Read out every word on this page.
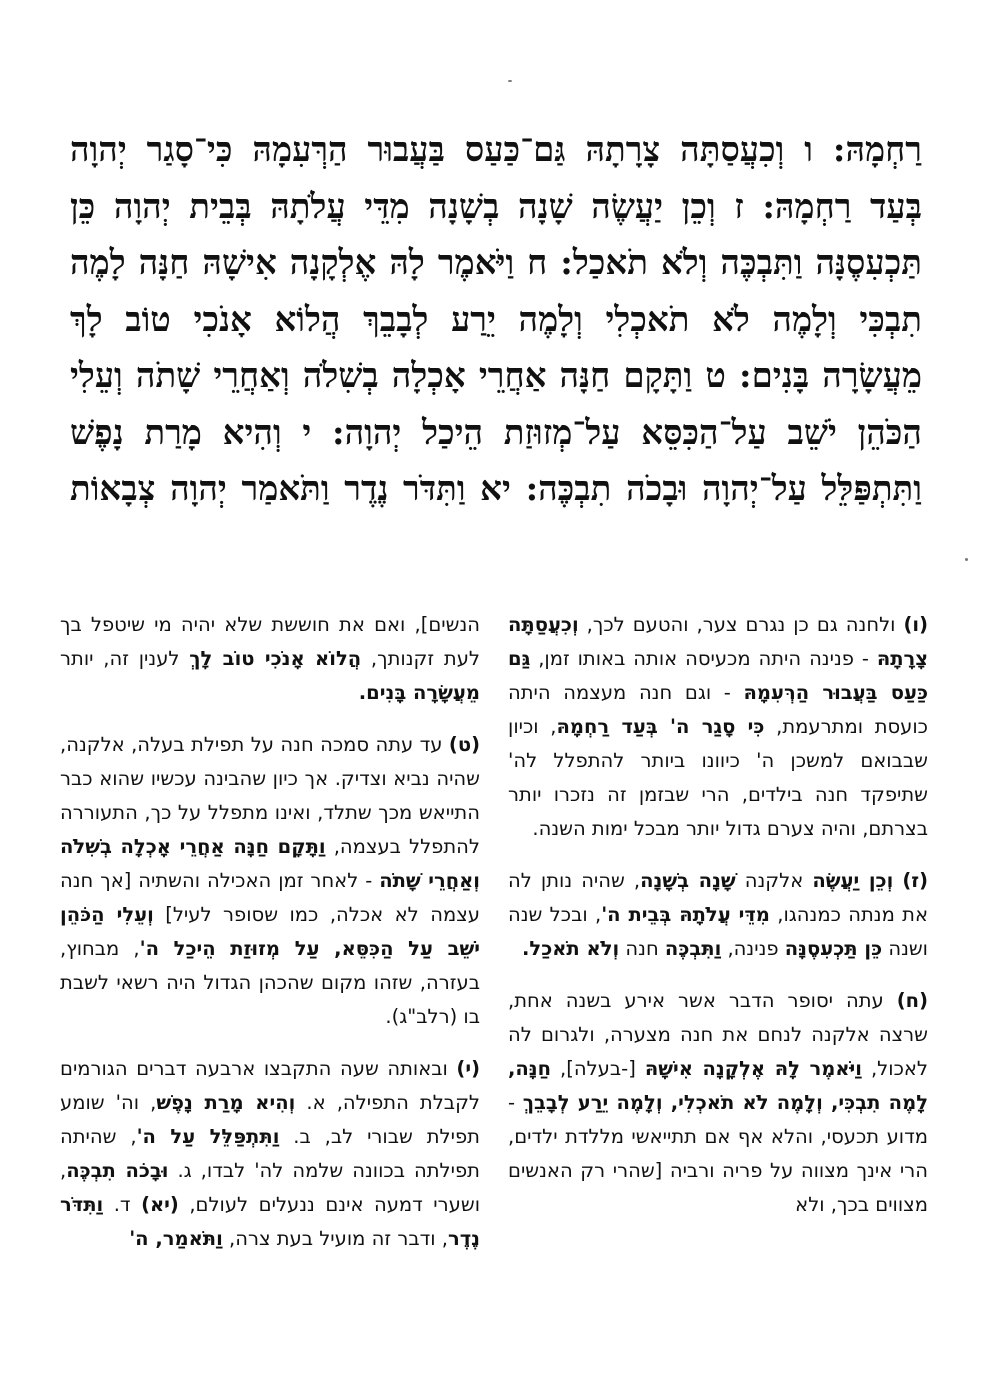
רַחְמָהּ: ו וְכִעֲסַתָּה צָרָתָהּ גַּם־כַּעַס בַּעֲבוּר הַרְּעִמָהּ כִּי־סָגַר יְהוָה
בְּעַד רַחְמָהּ: ז וְכֵן יַעֲשֶׂה שָׁנָה בְשָׁנָה מִדֵּי עֲלֹתָהּ בְּבֵית יְהוָה כֵּן
תַּכְעִסֶנָּה וַתִּבְכֶּה וְלֹא תֹאכַל: ח וַיֹּאמֶר לָהּ אֶלְקָנָה אִישָׁהּ חַנָּה לָמֶה
תִבְכִּי וְלָמֶה לֹא תֹאכְלִי וְלָמֶה יֵרַע לְבָבֵךְ הֲלוֹא אָנֹכִי טוֹב לָךְ
מֵעֲשָׂרָה בָּנִים: ט וַתָּקָם חַנָּה אַחֲרֵי אָכְלָה בְשִׁלֹה וְאַחֲרֵי שָׁתֹה וְעֵלִי
הַכֹּהֵן יֹשֵׁב עַל־הַכִּסֵּא עַל־מְזוּזַת הֵיכַל יְהוָה: י וְהִיא מָרַת נָפֶשׁ
וַתִּתְפַּלֵּל עַל־יְהוָה וּבָכֹה תִבְכֶּה: יא וַתִּדֹּר נֶדֶר וַתֹּאמַר יְהוָה צְבָאוֹת

(ו) ולחנה גם כן נגרם צער, והטעם לכך, וְכִעֲסַתָּה צָרָתָהּ - פנינה היתה מכעיסה אותה באותו זמן, גַּם כַּעַס בַּעֲבוּר הַרְּעִמָהּ - וגם חנה מעצמה היתה כועסת ומתרעמת, כִּי סָגַר ה' בְּעַד רַחְמָהּ, וכיון שבבואם למשכן ה' כיוונו ביותר להתפלל לה' שתיפקד חנה בילדים, הרי שבזמן זה נזכרו יותר בצרתם, והיה צערם גדול יותר מבכל ימות השנה.

(ז) וְכֵן יַעֲשֶׂה אלקנה שָׁנָה בְשָׁנָה, שהיה נותן לה את מנתה כמנהגו, מִדֵּי עֲלֹתָהּ בְּבֵית ה', ובכל שנה ושנה כֵּן תַּכְעִסֶנָּה פנינה, וַתִּבְכֶּה חנה וְלֹא תֹאכַל.

(ח) עתה יסופר הדבר אשר אירע בשנה אחת, שרצה אלקנה לנחם את חנה מצערה, ולגרום לה לאכול, וַיֹּאמֶר לָהּ אֶלְקָנָה אִישָׁהּ [-בעלה], חַנָּה, לָמֶה תִבְכִּי, וְלָמֶה לֹא תֹאכְלִי, וְלָמֶה יֵרַע לְבָבֵךְ - מדוע תכעסי, והלא אף אם תתייאשי מללדת ילדים, הרי אינך מצווה על פריה ורביה [שהרי רק האנשים מצווים בכך, ולא

הנשים], ואם את חוששת שלא יהיה מי שיטפל בך לעת זקנותך, הֲלוֹא אָנֹכִי טוֹב לָךְ לענין זה, יותר מֵעֲשָׂרָה בָּנִים.

(ט) עד עתה סמכה חנה על תפילת בעלה, אלקנה, שהיה נביא וצדיק. אך כיון שהבינה עכשיו שהוא כבר התייאש מכך שתלד, ואינו מתפלל על כך, התעוררה להתפלל בעצמה, וַתָּקָם חַנָּה אַחֲרֵי אָכְלָה בְשִׁלֹה וְאַחֲרֵי שָׁתֹה - לאחר זמן האכילה והשתיה [אך חנה עצמה לא אכלה, כמו שסופר לעיל] וְעֵלִי הַכֹּהֵן יֹשֵׁב עַל הַכִּסֵּא, עַל מְזוּזַת הֵיכַל ה', מבחוץ, בעזרה, שזהו מקום שהכהן הגדול היה רשאי לשבת בו (רלב"ג).

(י) ובאותה שעה התקבצו ארבעה דברים הגורמים לקבלת התפילה, א. וְהִיא מָרַת נָפֶשׁ, וה' שומע תפילת שבורי לב, ב. וַתִּתְפַּלֵּל עַל ה', שהיתה תפילתה בכוונה שלמה לה' לבדו, ג. וּבָכֹה תִבְכֶּה, ושערי דמעה אינם ננעלים לעולם, (יא) ד. וַתִּדֹּר נֶדֶר, ודבר זה מועיל בעת צרה, וַתֹּאמַר, ה'
